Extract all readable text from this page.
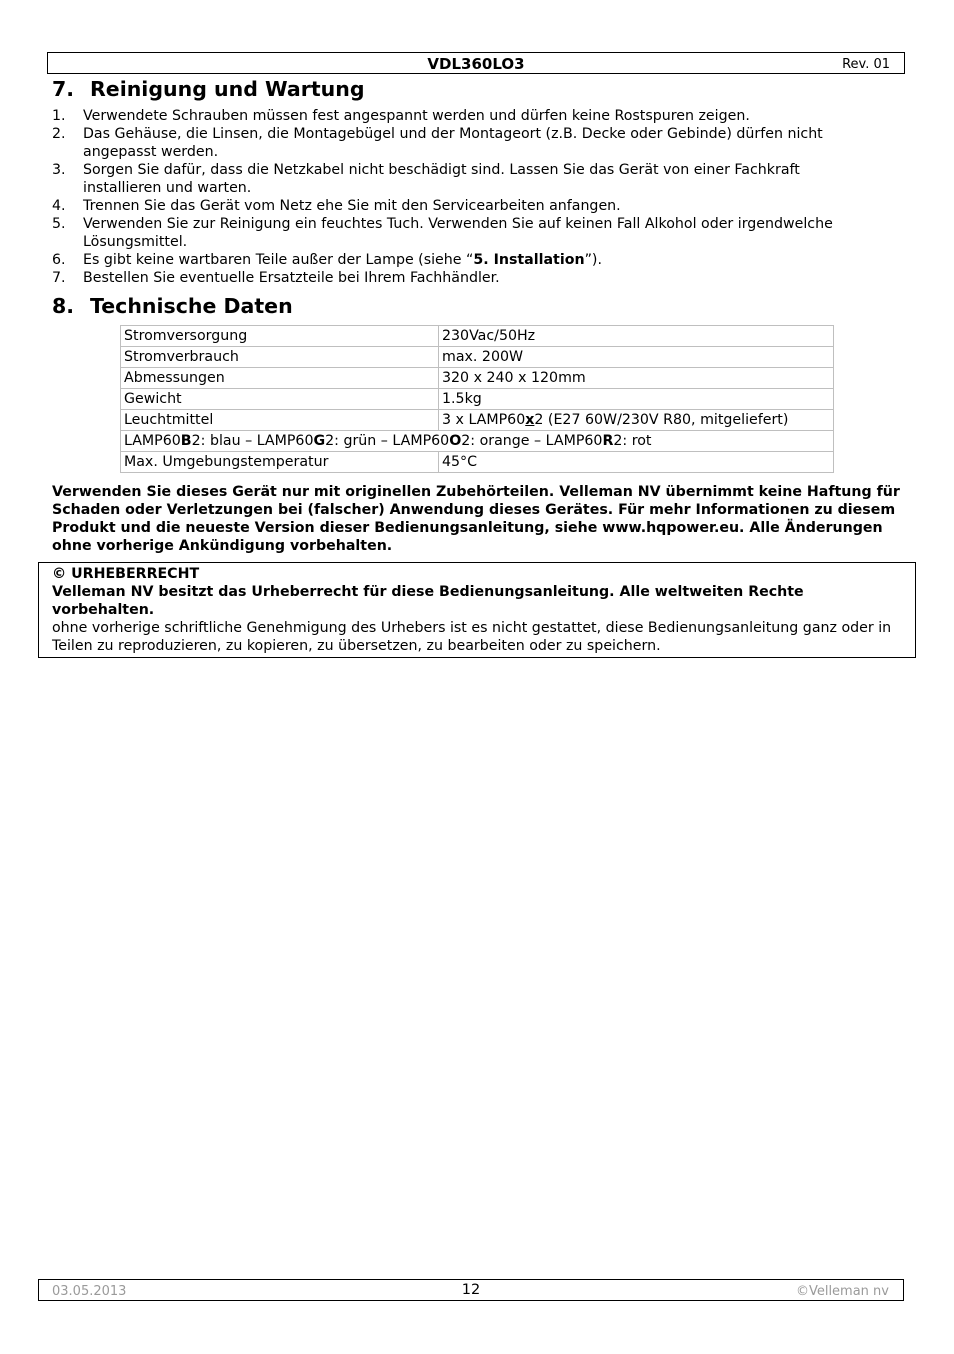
VDL360LO3	Rev. 01
7. Reinigung und Wartung
1. Verwendete Schrauben müssen fest angespannt werden und dürfen keine Rostspuren zeigen.
2. Das Gehäuse, die Linsen, die Montagebügel und der Montageort (z.B. Decke oder Gebinde) dürfen nicht angepasst werden.
3. Sorgen Sie dafür, dass die Netzkabel nicht beschädigt sind. Lassen Sie das Gerät von einer Fachkraft installieren und warten.
4. Trennen Sie das Gerät vom Netz ehe Sie mit den Servicearbeiten anfangen.
5. Verwenden Sie zur Reinigung ein feuchtes Tuch. Verwenden Sie auf keinen Fall Alkohol oder irgendwelche Lösungsmittel.
6. Es gibt keine wartbaren Teile außer der Lampe (siehe “5. Installation”).
7. Bestellen Sie eventuelle Ersatzteile bei Ihrem Fachhändler.
8. Technische Daten
Stromversorgung	230Vac/50Hz
Stromverbrauch	max. 200W
Abmessungen	320 x 240 x 120mm
Gewicht	1.5kg
Leuchtmittel	3 x LAMP60x2 (E27 60W/230V R80, mitgeliefert)
LAMP60B2: blau – LAMP60G2: grün – LAMP60O2: orange – LAMP60R2: rot	
Max. Umgebungstemperatur	45°C
Verwenden Sie dieses Gerät nur mit originellen Zubehörteilen. Velleman NV übernimmt keine Haftung für Schaden oder Verletzungen bei (falscher) Anwendung dieses Gerätes. Für mehr Informationen zu diesem Produkt und die neueste Version dieser Bedienungsanleitung, siehe www.hqpower.eu. Alle Änderungen ohne vorherige Ankündigung vorbehalten.
© URHEBERRECHT
Velleman NV besitzt das Urheberrecht für diese Bedienungsanleitung. Alle weltweiten Rechte vorbehalten.
ohne vorherige schriftliche Genehmigung des Urhebers ist es nicht gestattet, diese Bedienungsanleitung ganz oder in Teilen zu reproduzieren, zu kopieren, zu übersetzen, zu bearbeiten oder zu speichern.
03.05.2013	12	©Velleman nv
